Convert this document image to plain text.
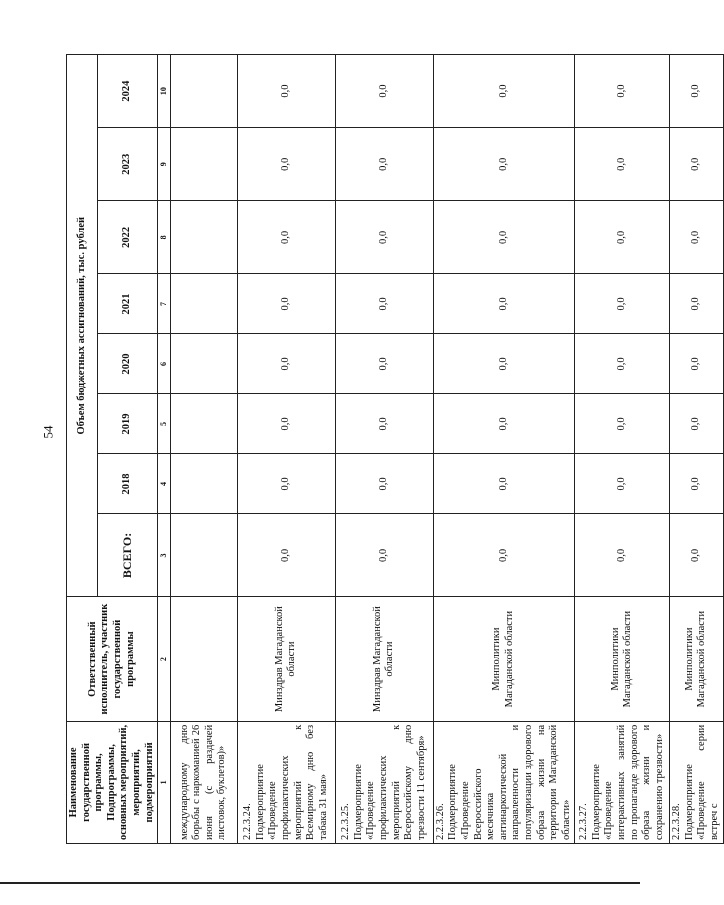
54
Наименование государственной программы, Подпрограммы, основных мероприятий, мероприятий, подмероприятий	Ответственный исполнитель, участник государственной программы	Объем бюджетных ассигнований, тыс. рублей							
		ВСЕГО:	2018	2019	2020	2021	2022	2023	2024
1	2	3	4	5	6	7	8	9	10
международному дню борьбы с наркоманией 26 июня (с раздачей листовок, буклетов)»									
2.2.3.24. Подмероприятие «Проведение профилактических мероприятий к Всемирному дню без табака 31 мая»	Минздрав Магаданской области	0,0	0,0	0,0	0,0	0,0	0,0	0,0	0,0
2.2.3.25. Подмероприятие «Проведение профилактических мероприятий к Всероссийскому дню трезвости 11 сентября»	Минздрав Магаданской области	0,0	0,0	0,0	0,0	0,0	0,0	0,0	0,0
2.2.3.26. Подмероприятие «Проведение Всероссийского месячника антинаркотической направленности и популяризации здорового образа жизни на территории Магаданской области»	Минполитики Магаданской области	0,0	0,0	0,0	0,0	0,0	0,0	0,0	0,0
2.2.3.27. Подмероприятие «Проведение интерактивных занятий по пропаганде здорового образа жизни и сохранению трезвости»	Минполитики Магаданской области	0,0	0,0	0,0	0,0	0,0	0,0	0,0	0,0
2.2.3.28. Подмероприятие «Проведение серии встреч с	Минполитики Магаданской области	0,0	0,0	0,0	0,0	0,0	0,0	0,0	0,0
